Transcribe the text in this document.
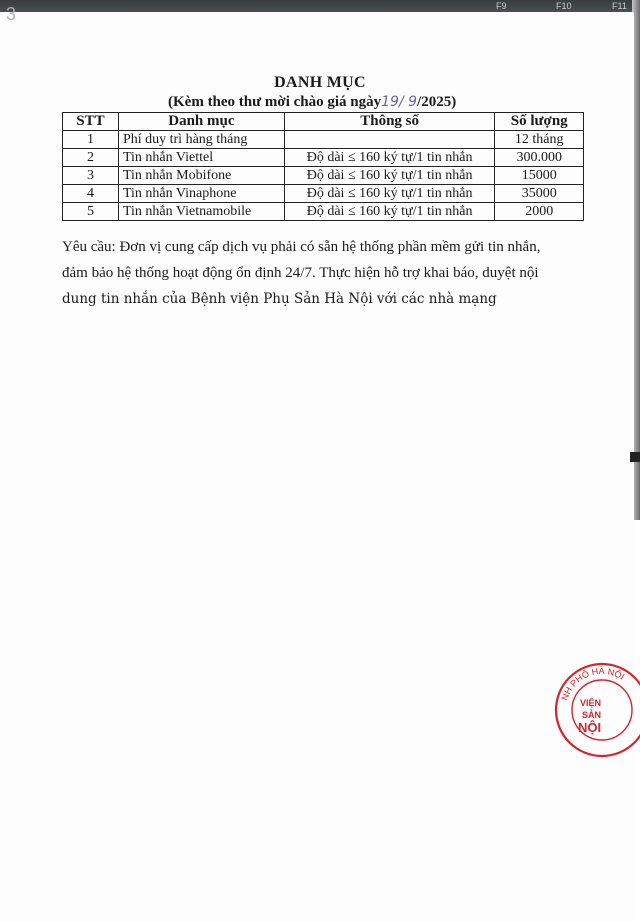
3	F9	F10	F11
DANH MỤC
(Kèm theo thư mời chào giá ngày19/ 9/2025)
STT	Danh mục	Thông số	Số lượng
1	Phí duy trì hàng tháng		12 tháng
2	Tin nhắn Viettel	Độ dài ≤ 160 ký tự/1 tin nhắn	300.000
3	Tin nhắn Mobifone	Độ dài ≤ 160 ký tự/1 tin nhắn	15000
4	Tin nhắn Vinaphone	Độ dài ≤ 160 ký tự/1 tin nhắn	35000
5	Tin nhắn Vietnamobile	Độ dài ≤ 160 ký tự/1 tin nhắn	2000

Yêu cầu: Đơn vị cung cấp dịch vụ phải có sẵn hệ thống phần mềm gửi tin nhắn,

đảm bảo hệ thống hoạt động ổn định 24/7. Thực hiện hỗ trợ khai báo, duyệt nội

dung tin nhắn của Bệnh viện Phụ Sản Hà Nội với các nhà mạng

NH PHỐ HÀ NỘI
VIỆN
SẢN
NỘI
